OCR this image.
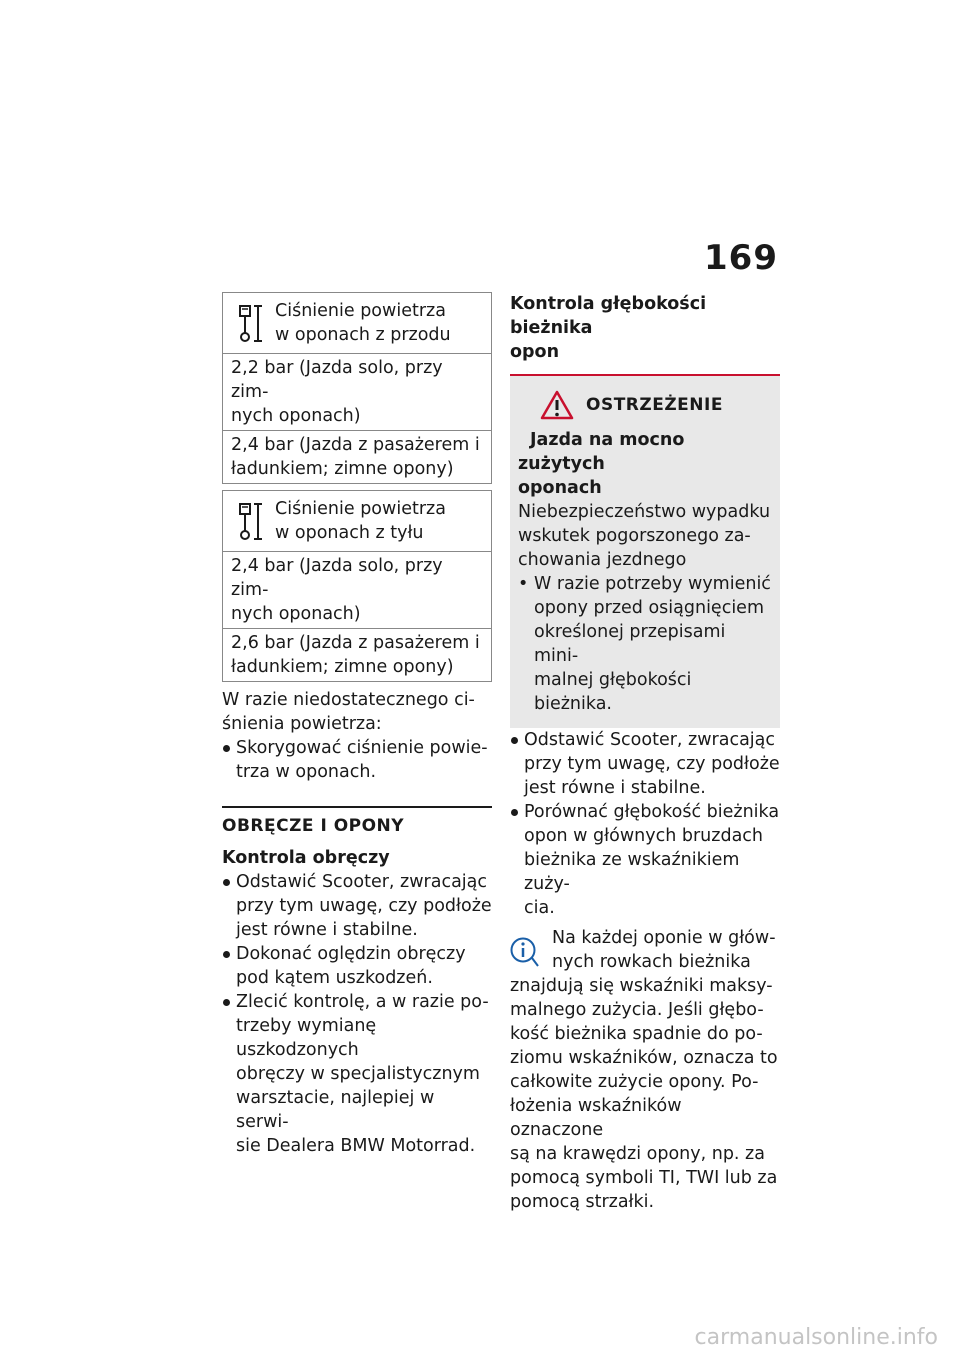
169
Ciśnienie powietrza
w oponach z przodu
2,2 bar (Jazda solo, przy zim-
nych oponach)
2,4 bar (Jazda z pasażerem i
ładunkiem; zimne opony)
Ciśnienie powietrza
w oponach z tyłu
2,4 bar (Jazda solo, przy zim-
nych oponach)
2,6 bar (Jazda z pasażerem i
ładunkiem; zimne opony)
W razie niedostatecznego ci-
śnienia powietrza:
Skorygować ciśnienie powie-
trza w oponach.
OBRĘCZE I OPONY
Kontrola obręczy
Odstawić Scooter, zwracając
przy tym uwagę, czy podłoże
jest równe i stabilne.
Dokonać oględzin obręczy
pod kątem uszkodzeń.
Zlecić kontrolę, a w razie po-
trzeby wymianę uszkodzonych
obręczy w specjalistycznym
warsztacie, najlepiej w serwi-
sie Dealera BMW Motorrad.
Kontrola głębokości bieżnika
opon
OSTRZEŻENIE
Jazda na mocno zużytych
oponach
Niebezpieczeństwo wypadku
wskutek pogorszonego za-
chowania jezdnego
• W razie potrzeby wymienić
opony przed osiągnięciem
określonej przepisami mini-
malnej głębokości bieżnika.
Odstawić Scooter, zwracając
przy tym uwagę, czy podłoże
jest równe i stabilne.
Porównać głębokość bieżnika
opon w głównych bruzdach
bieżnika ze wskaźnikiem zuży-
cia.
Na każdej oponie w głów-
nych rowkach bieżnika
znajdują się wskaźniki maksy-
malnego zużycia. Jeśli głębo-
kość bieżnika spadnie do po-
ziomu wskaźników, oznacza to
całkowite zużycie opony. Po-
łożenia wskaźników oznaczone
są na krawędzi opony, np. za
pomocą symboli TI, TWI lub za
pomocą strzałki.
carmanualsonline.info
